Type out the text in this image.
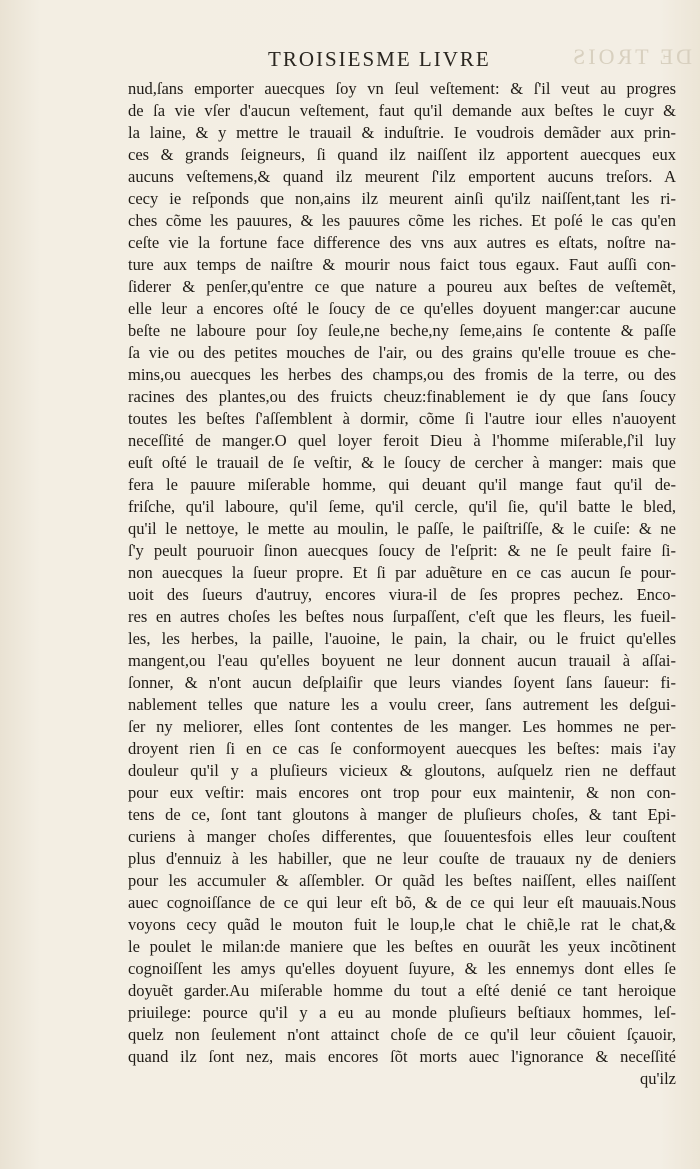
DE TROIS
TROISIESME LIVRE
nud,ſans emporter auecques ſoy vn ſeul veſtement: & ſ'il veut au progres
de ſa vie vſer d'aucun veſtement, faut qu'il demande aux beſtes le cuyr &
la laine, & y mettre le trauail & induſtrie. Ie voudrois demãder aux prin-
ces & grands ſeigneurs, ſi quand ilz naiſſent ilz apportent auecques eux
aucuns veſtemens,& quand ilz meurent ſ'ilz emportent aucuns treſors. A
cecy ie reſponds que non,ains ilz meurent ainſi qu'ilz naiſſent,tant les ri-
ches cõme les pauures, & les pauures cõme les riches. Et poſé le cas qu'en
ceſte vie la fortune face difference des vns aux autres es eſtats, noſtre na-
ture aux temps de naiſtre & mourir nous faict tous egaux. Faut auſſi con-
ſiderer & penſer,qu'entre ce que nature a poureu aux beſtes de veſtemẽt,
elle leur a encores oſté le ſoucy de ce qu'elles doyuent manger:car aucune
beſte ne laboure pour ſoy ſeule,ne beche,ny ſeme,ains ſe contente & paſſe
ſa vie ou des petites mouches de l'air, ou des grains qu'elle trouue es che-
mins,ou auecques les herbes des champs,ou des fromis de la terre, ou des
racines des plantes,ou des fruicts cheuz:finablement ie dy que ſans ſoucy
toutes les beſtes ſ'aſſemblent à dormir, cõme ſi l'autre iour elles n'auoyent
neceſſité de manger.O quel loyer feroit Dieu à l'homme miſerable,ſ'il luy
euſt oſté le trauail de ſe veſtir, & le ſoucy de cercher à manger: mais que
fera le pauure miſerable homme, qui deuant qu'il mange faut qu'il de-
friſche, qu'il laboure, qu'il ſeme, qu'il cercle, qu'il ſie, qu'il batte le bled,
qu'il le nettoye, le mette au moulin, le paſſe, le paiſtriſſe, & le cuiſe: & ne
ſ'y peult pouruoir ſinon auecques ſoucy de l'eſprit: & ne ſe peult faire ſi-
non auecques la ſueur propre. Et ſi par aduẽture en ce cas aucun ſe pour-
uoit des ſueurs d'autruy, encores viura-il de ſes propres pechez. Enco-
res en autres choſes les beſtes nous ſurpaſſent, c'eſt que les fleurs, les fueil-
les, les herbes, la paille, l'auoine, le pain, la chair, ou le fruict qu'elles
mangent,ou l'eau qu'elles boyuent ne leur donnent aucun trauail à aſſai-
ſonner, & n'ont aucun deſplaiſir que leurs viandes ſoyent ſans ſaueur: fi-
nablement telles que nature les a voulu creer, ſans autrement les deſgui-
ſer ny meliorer, elles ſont contentes de les manger. Les hommes ne per-
droyent rien ſi en ce cas ſe conformoyent auecques les beſtes: mais i'ay
douleur qu'il y a pluſieurs vicieux & gloutons, auſquelz rien ne deffaut
pour eux veſtir: mais encores ont trop pour eux maintenir, & non con-
tens de ce, ſont tant gloutons à manger de pluſieurs choſes, & tant Epi-
curiens à manger choſes differentes, que ſouuentesfois elles leur couſtent
plus d'ennuiz à les habiller, que ne leur couſte de trauaux ny de deniers
pour les accumuler & aſſembler. Or quãd les beſtes naiſſent, elles naiſſent
auec cognoiſſance de ce qui leur eſt bõ, & de ce qui leur eſt mauuais.Nous
voyons cecy quãd le mouton fuit le loup,le chat le chiẽ,le rat le chat,&
le poulet le milan:de maniere que les beſtes en ouurãt les yeux incõtinent
cognoiſſent les amys qu'elles doyuent ſuyure, & les ennemys dont elles ſe
doyuẽt garder.Au miſerable homme du tout a eſté denié ce tant heroique
priuilege: pource qu'il y a eu au monde pluſieurs beſtiaux hommes, leſ-
quelz non ſeulement n'ont attainct choſe de ce qu'il leur cõuient ſçauoir,
quand ilz ſont nez, mais encores ſõt morts auec l'ignorance & neceſſité
qu'ilz
